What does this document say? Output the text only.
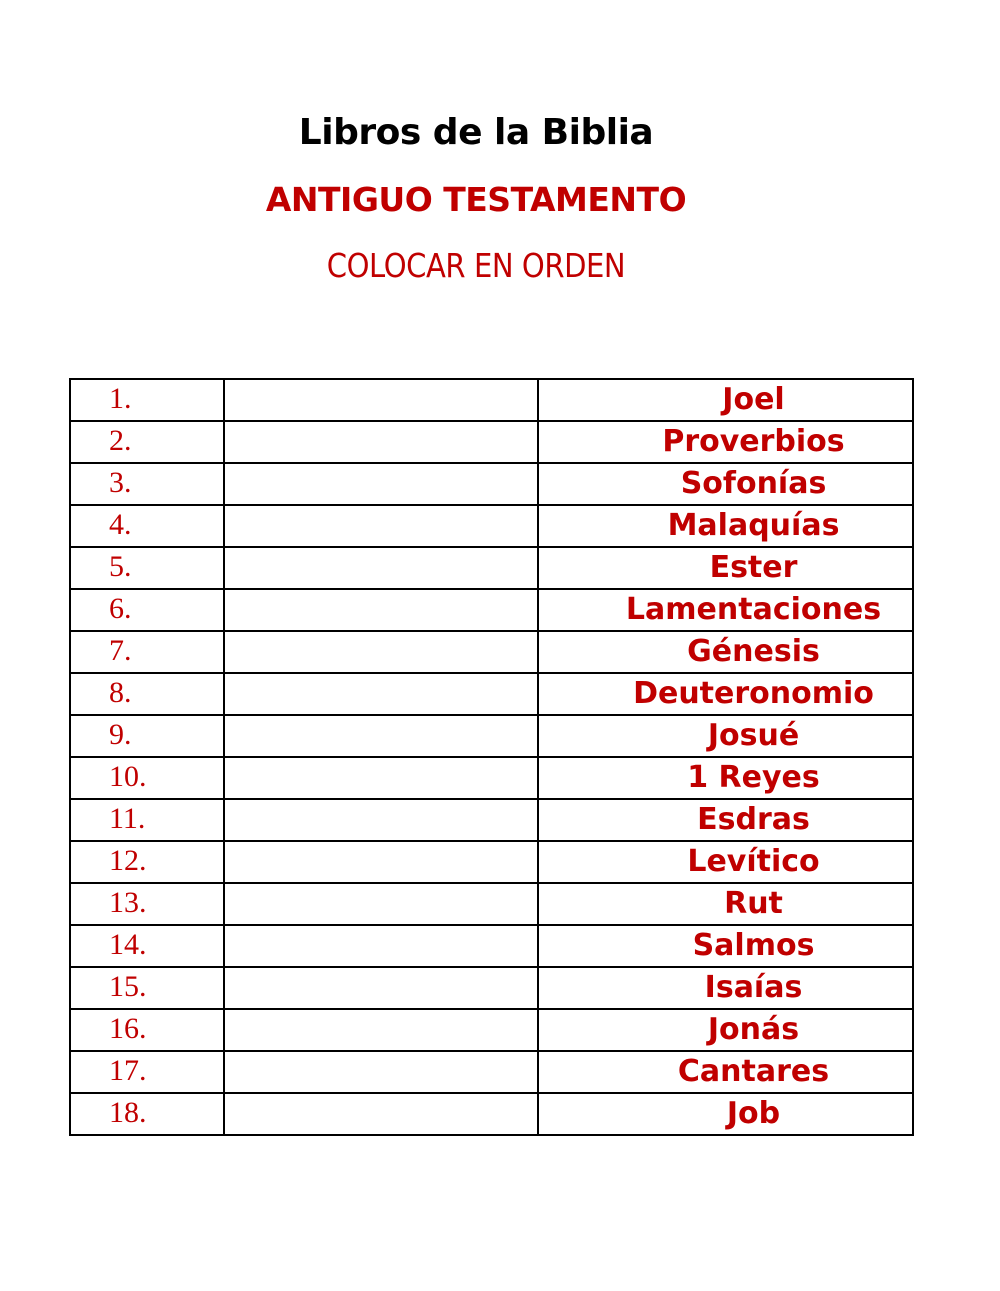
Libros de la Biblia
ANTIGUO TESTAMENTO
COLOCAR EN ORDEN
1.		Joel
2.		Proverbios
3.		Sofonías
4.		Malaquías
5.		Ester
6.		Lamentaciones
7.		Génesis
8.		Deuteronomio
9.		Josué
10.		1 Reyes
11.		Esdras
12.		Levítico
13.		Rut
14.		Salmos
15.		Isaías
16.		Jonás
17.		Cantares
18.		Job
